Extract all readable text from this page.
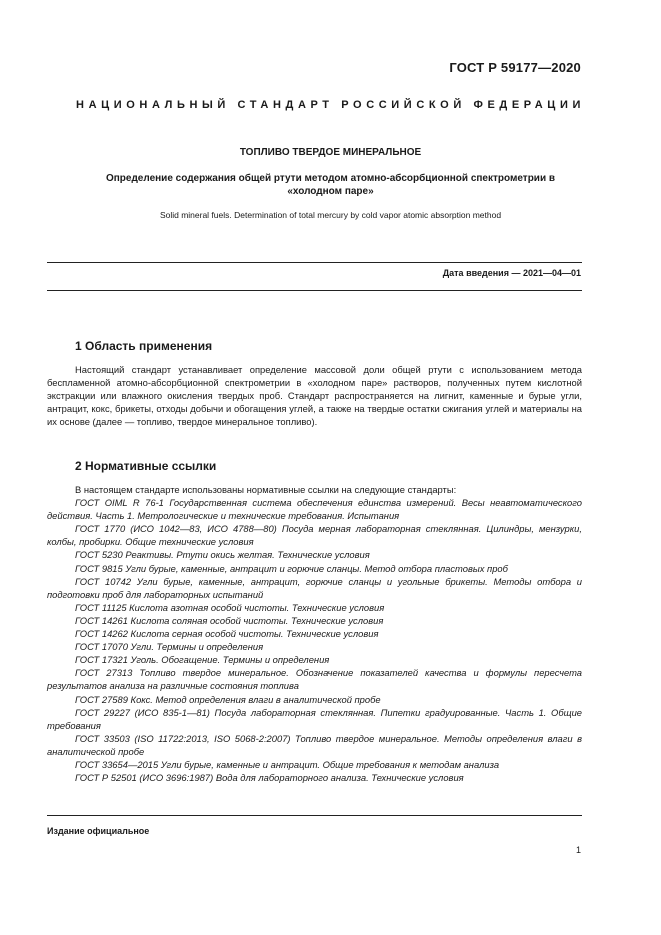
ГОСТ Р 59177—2020
НАЦИОНАЛЬНЫЙ СТАНДАРТ РОССИЙСКОЙ ФЕДЕРАЦИИ
ТОПЛИВО ТВЕРДОЕ МИНЕРАЛЬНОЕ
Определение содержания общей ртути методом атомно-абсорбционной спектрометрии в «холодном паре»
Solid mineral fuels. Determination of total mercury by cold vapor atomic absorption method
Дата введения — 2021—04—01
1 Область применения
Настоящий стандарт устанавливает определение массовой доли общей ртути с использованием метода беспламенной атомно-абсорбционной спектрометрии в «холодном паре» растворов, полученных путем кислотной экстракции или влажного окисления твердых проб. Стандарт распространяется на лигнит, каменные и бурые угли, антрацит, кокс, брикеты, отходы добычи и обогащения углей, а также на твердые остатки сжигания углей и материалы на их основе (далее — топливо, твердое минеральное топливо).
2 Нормативные ссылки
В настоящем стандарте использованы нормативные ссылки на следующие стандарты:
ГОСТ OIML R 76-1 Государственная система обеспечения единства измерений. Весы неавтоматического действия. Часть 1. Метрологические и технические требования. Испытания
ГОСТ 1770 (ИСО 1042—83, ИСО 4788—80) Посуда мерная лабораторная стеклянная. Цилиндры, мензурки, колбы, пробирки. Общие технические условия
ГОСТ 5230 Реактивы. Ртути окись желтая. Технические условия
ГОСТ 9815 Угли бурые, каменные, антрацит и горючие сланцы. Метод отбора пластовых проб
ГОСТ 10742 Угли бурые, каменные, антрацит, горючие сланцы и угольные брикеты. Методы отбора и подготовки проб для лабораторных испытаний
ГОСТ 11125 Кислота азотная особой чистоты. Технические условия
ГОСТ 14261 Кислота соляная особой чистоты. Технические условия
ГОСТ 14262 Кислота серная особой чистоты. Технические условия
ГОСТ 17070 Угли. Термины и определения
ГОСТ 17321 Уголь. Обогащение. Термины и определения
ГОСТ 27313 Топливо твердое минеральное. Обозначение показателей качества и формулы пересчета результатов анализа на различные состояния топлива
ГОСТ 27589 Кокс. Метод определения влаги в аналитической пробе
ГОСТ 29227 (ИСО 835-1—81) Посуда лабораторная стеклянная. Пипетки градуированные. Часть 1. Общие требования
ГОСТ 33503 (ISO 11722:2013, ISO 5068-2:2007) Топливо твердое минеральное. Методы определения влаги в аналитической пробе
ГОСТ 33654—2015 Угли бурые, каменные и антрацит. Общие требования к методам анализа
ГОСТ Р 52501 (ИСО 3696:1987) Вода для лабораторного анализа. Технические условия
Издание официальное
1
